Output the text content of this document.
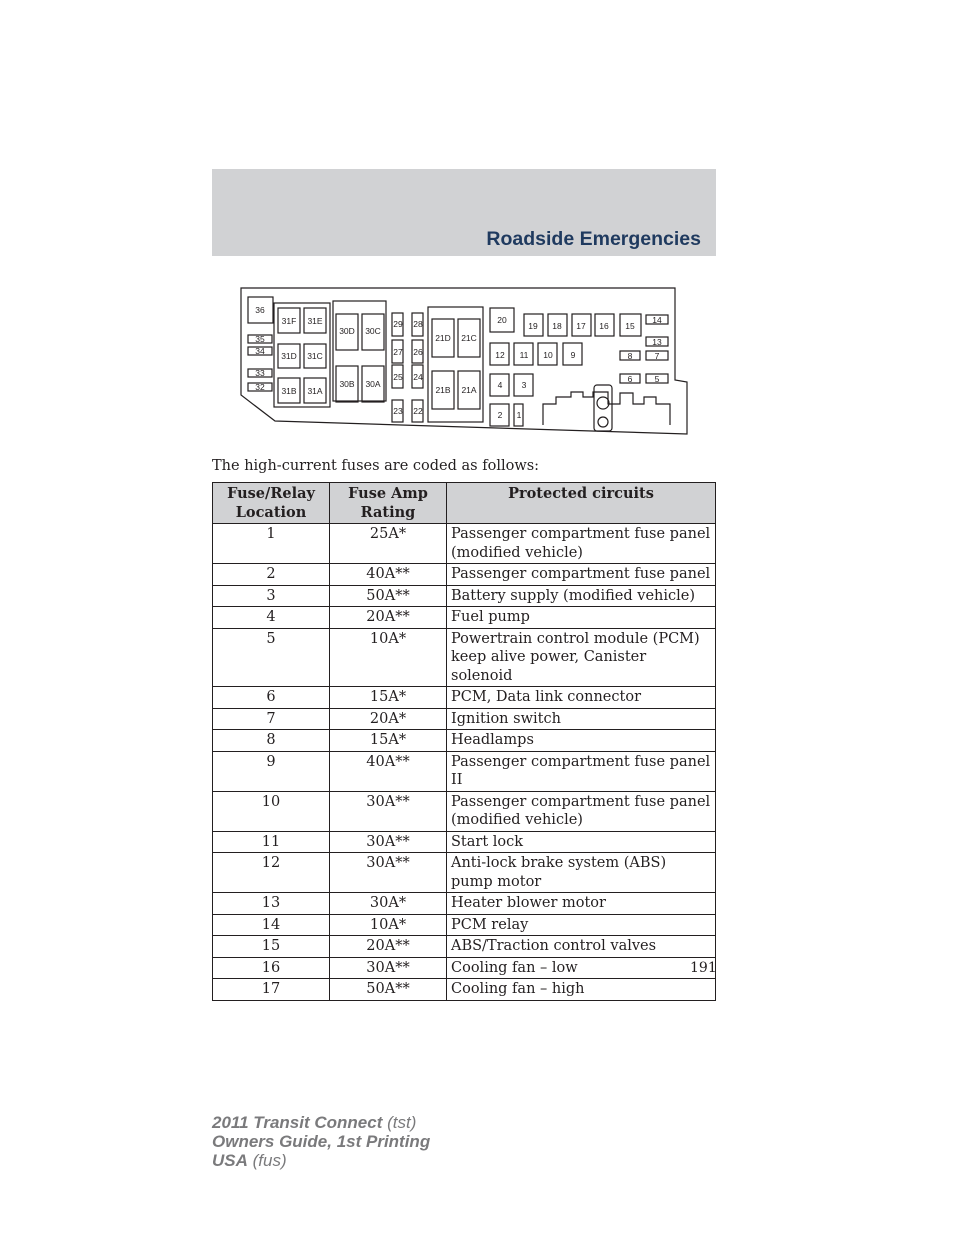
Roadside Emergencies
36
35
34
33
32
31F 31E
31D 31C
31B 31A
30D 30C
30B 30A
29 28
27 26
25 24
23 22
21D 21C
21B 21A
20
19 18 17 16 15
14
13
12 11 10 9	8	7
6	5
4 3
2 1
The high-current fuses are coded as follows:
Fuse/Relay Location	Fuse Amp Rating	Protected circuits
1	25A*	Passenger compartment fuse panel (modified vehicle)
2	40A**	Passenger compartment fuse panel
3	50A**	Battery supply (modified vehicle)
4	20A**	Fuel pump
5	10A*	Powertrain control module (PCM) keep alive power, Canister solenoid
6	15A*	PCM, Data link connector
7	20A*	Ignition switch
8	15A*	Headlamps
9	40A**	Passenger compartment fuse panel II
10	30A**	Passenger compartment fuse panel (modified vehicle)
11	30A**	Start lock
12	30A**	Anti-lock brake system (ABS) pump motor
13	30A*	Heater blower motor
14	10A*	PCM relay
15	20A**	ABS/Traction control valves
16	30A**	Cooling fan – low
17	50A**	Cooling fan – high
191
2011 Transit Connect (tst)
Owners Guide, 1st Printing
USA (fus)
